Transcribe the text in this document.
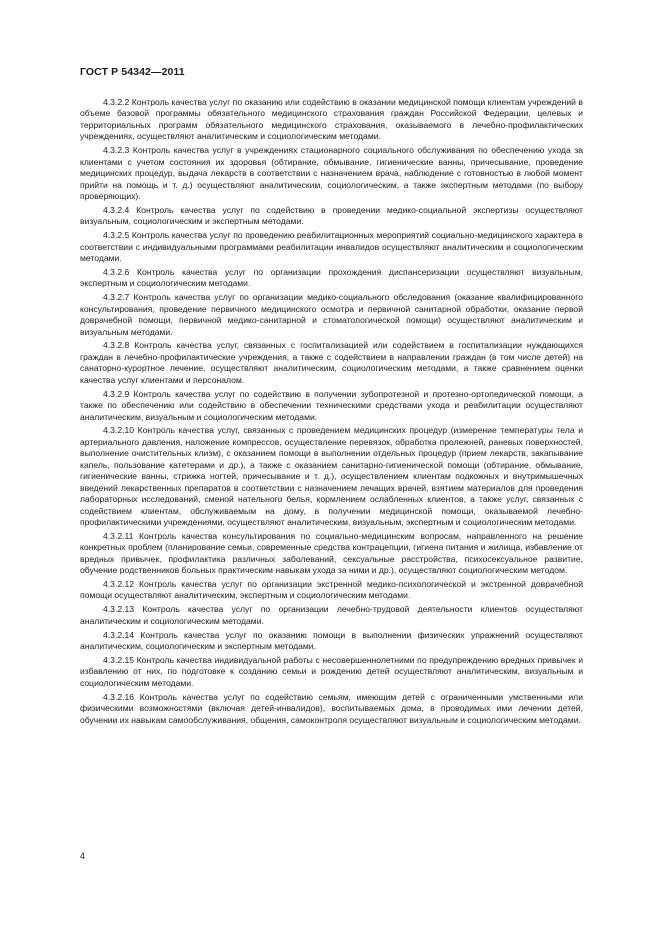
ГОСТ Р 54342—2011

4.3.2.2 Контроль качества услуг по оказанию или содействию в оказании медицинской помощи клиентам учреждений в объеме базовой программы обязательного медицинского страхования граждан Российской Федерации, целевых и территориальных программ обязательного медицинского страхования, оказываемого в лечебно-профилактических учреждениях, осуществляют аналитическим и социологическим методами.

4.3.2.3 Контроль качества услуг в учреждениях стационарного социального обслуживания по обеспечению ухода за клиентами с учетом состояния их здоровья (обтирание, обмывание, гигиенические ванны, причесывание, проведение медицинских процедур, выдача лекарств в соответствии с назначением врача, наблюдение с готовностью в любой момент прийти на помощь и т. д.) осуществляют аналитическим, социологическим, а также экспертным методами (по выбору проверяющих).

4.3.2.4 Контроль качества услуг по содействию в проведении медико-социальной экспертизы осуществляют визуальным, социологическим и экспертным методами.

4.3.2.5 Контроль качества услуг по проведению реабилитационных мероприятий социально-медицинского характера в соответствии с индивидуальными программами реабилитации инвалидов осуществляют аналитическим и социологическим методами.

4.3.2.6 Контроль качества услуг по организации прохождения диспансеризации осуществляют визуальным, экспертным и социологическим методами.

4.3.2.7 Контроль качества услуг по организации медико-социального обследования (оказание квалифицированного консультирования, проведение первичного медицинского осмотра и первичной санитарной обработки, оказание первой доврачебной помощи, первичной медико-санитарной и стоматологической помощи) осуществляют аналитическим и визуальным методами.

4.3.2.8 Контроль качества услуг, связанных с госпитализацией или содействием в госпитализации нуждающихся граждан в лечебно-профилактические учреждения, а также с содействием в направлении граждан (в том числе детей) на санаторно-курортное лечение, осуществляют аналитическим, социологическим методами, а также сравнением оценки качества услуг клиентами и персоналом.

4.3.2.9 Контроль качества услуг по содействию в получении зубопротезной и протезно-ортопедической помощи, а также по обеспечению или содействию в обеспечении техническими средствами ухода и реабилитации осуществляют аналитическим, визуальным и социологическим методами.

4.3.2.10 Контроль качества услуг, связанных с проведением медицинских процедур (измерение температуры тела и артериального давления, наложение компрессов, осуществление перевязок, обработка пролежней, раневых поверхностей, выполнение очистительных клизм), с оказанием помощи в выполнении отдельных процедур (прием лекарств, закапывание капель, пользование катетерами и др.), а также с оказанием санитарно-гигиенической помощи (обтирание, обмывание, гигиенические ванны, стрижка ногтей, причесывание и т. д.), осуществлением клиентам подкожных и внутримышечных введений лекарственных препаратов в соответствии с назначением лечащих врачей, взятием материалов для проведения лабораторных исследований, сменой нательного белья, кормлением ослабленных клиентов, а также услуг, связанных с содействием клиентам, обслуживаемым на дому, в получении медицинской помощи, оказываемой лечебно-профилактическими учреждениями, осуществляют аналитическим, визуальным, экспертным и социологическим методами.

4.3.2.11 Контроль качества консультирования по социально-медицинским вопросам, направленного на решение конкретных проблем (планирование семьи, современные средства контрацепции, гигиена питания и жилища, избавление от вредных привычек, профилактика различных заболеваний, сексуальные расстройства, психосексуальное развитие, обучение родственников больных практическим навыкам ухода за ними и др.), осуществляют социологическим методом.

4.3.2.12 Контроль качества услуг по организации экстренной медико-психологической и экстренной доврачебной помощи осуществляют аналитическим, экспертным и социологическим методами.

4.3.2.13 Контроль качества услуг по организации лечебно-трудовой деятельности клиентов осуществляют аналитическим и социологическим методами.

4.3.2.14 Контроль качества услуг по оказанию помощи в выполнении физических упражнений осуществляют аналитическим, социологическим и экспертным методами.

4.3.2.15 Контроль качества индивидуальной работы с несовершеннолетними по предупреждению вредных привычек и избавлению от них, по подготовке к созданию семьи и рождению детей осуществляют аналитическим, визуальным и социологическим методами.

4.3.2.16 Контроль качества услуг по содействию семьям, имеющим детей с ограниченными умственными или физическими возможностями (включая детей-инвалидов), воспитываемых дома, в проводимых ими лечении детей, обучении их навыкам самообслуживания, общения, самоконтроля осуществляют визуальным и социологическим методами.

4
